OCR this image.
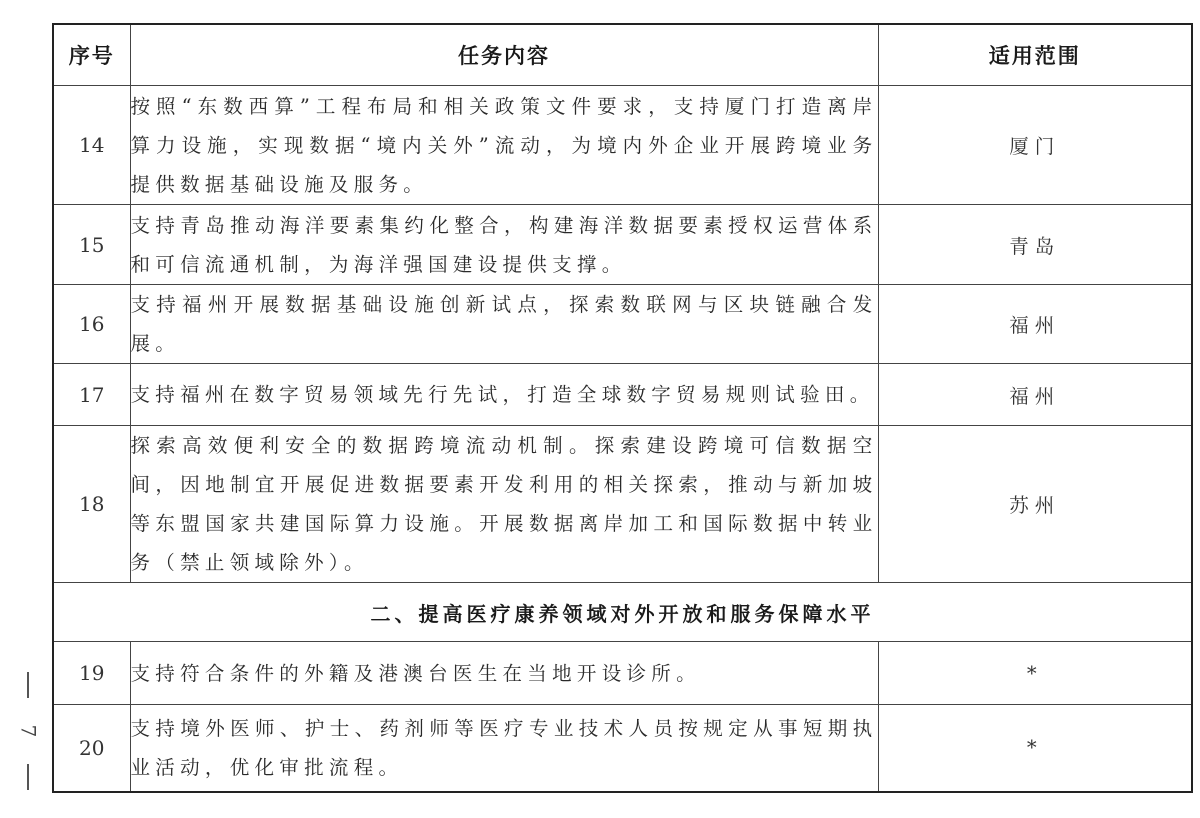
7
序号	任务内容	适用范围
14	按照“东数西算”工程布局和相关政策文件要求，支持厦门打造离岸算力设施，实现数据“境内关外”流动，为境内外企业开展跨境业务提供数据基础设施及服务。	厦门
15	支持青岛推动海洋要素集约化整合，构建海洋数据要素授权运营体系和可信流通机制，为海洋强国建设提供支撑。	青岛
16	支持福州开展数据基础设施创新试点，探索数联网与区块链融合发展。	福州
17	支持福州在数字贸易领域先行先试，打造全球数字贸易规则试验田。	福州
18	探索高效便利安全的数据跨境流动机制。探索建设跨境可信数据空间，因地制宜开展促进数据要素开发利用的相关探索，推动与新加坡等东盟国家共建国际算力设施。开展数据离岸加工和国际数据中转业务（禁止领域除外）。	苏州
二、提高医疗康养领域对外开放和服务保障水平		
19	支持符合条件的外籍及港澳台医生在当地开设诊所。	*
20	支持境外医师、护士、药剂师等医疗专业技术人员按规定从事短期执业活动，优化审批流程。	*
